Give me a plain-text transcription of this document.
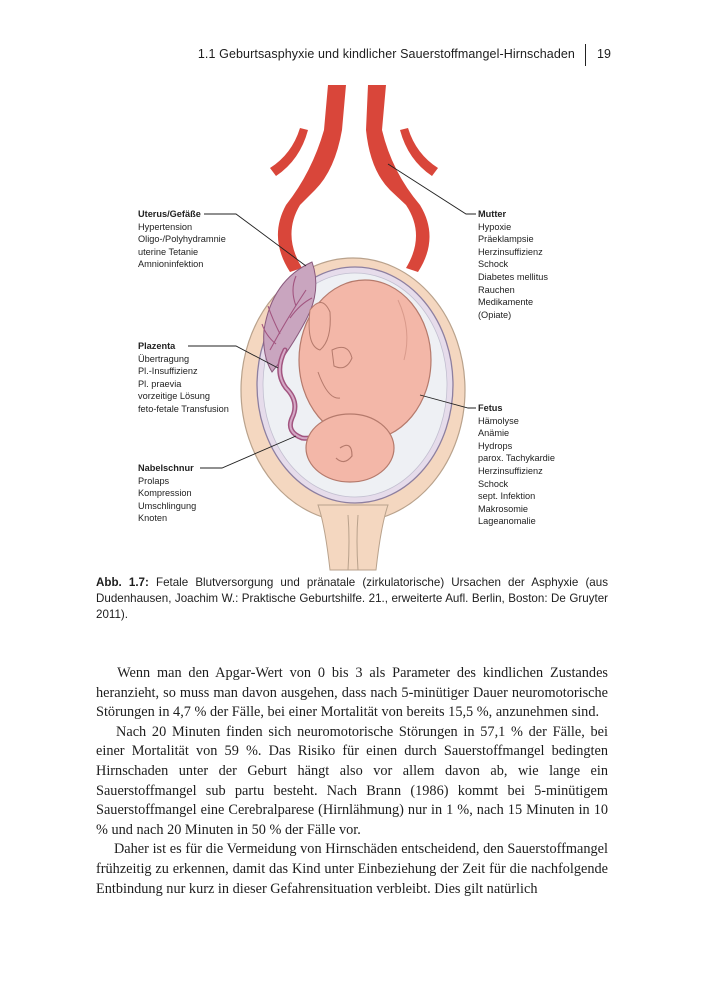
1.1 Geburtsasphyxie und kindlicher Sauerstoffmangel-Hirnschaden 19
Uterus/Gefäße
Hypertension
Oligo-/Polyhydramnie
uterine Tetanie
Amnioninfektion
Plazenta
Übertragung
Pl.-Insuffizienz
Pl. praevia
vorzeitige Lösung
feto-fetale Transfusion
Nabelschnur
Prolaps
Kompression
Umschlingung
Knoten
Mutter
Hypoxie
Präeklampsie
Herzinsuffizienz
Schock
Diabetes mellitus
Rauchen
Medikamente
(Opiate)
Fetus
Hämolyse
Anämie
Hydrops
parox. Tachykardie
Herzinsuffizienz
Schock
sept. Infektion
Makrosomie
Lageanomalie
Abb. 1.7: Fetale Blutversorgung und pränatale (zirkulatorische) Ursachen der Asphyxie (aus Dudenhausen, Joachim W.: Praktische Geburtshilfe. 21., erweiterte Aufl. Berlin, Boston: De Gruyter 2011).

  Wenn man den Apgar-Wert von 0 bis 3 als Parameter des kindlichen Zustandes heranzieht, so muss man davon ausgehen, dass nach 5-minütiger Dauer neuromotorische Störungen in 4,7 % der Fälle, bei einer Mortalität von bereits 15,5 %, anzunehmen sind.

  Nach 20 Minuten finden sich neuromotorische Störungen in 57,1 % der Fälle, bei einer Mortalität von 59 %. Das Risiko für einen durch Sauerstoffmangel bedingten Hirnschaden unter der Geburt hängt also vor allem davon ab, wie lange ein Sauerstoffmangel sub partu besteht. Nach Brann (1986) kommt bei 5-minütigem Sauerstoffmangel eine Cerebralparese (Hirnlähmung) nur in 1 %, nach 15 Minuten in 10 % und nach 20 Minuten in 50 % der Fälle vor.

  Daher ist es für die Vermeidung von Hirnschäden entscheidend, den Sauerstoffmangel frühzeitig zu erkennen, damit das Kind unter Einbeziehung der Zeit für die nachfolgende Entbindung nur kurz in dieser Gefahrensituation verbleibt. Dies gilt natürlich
